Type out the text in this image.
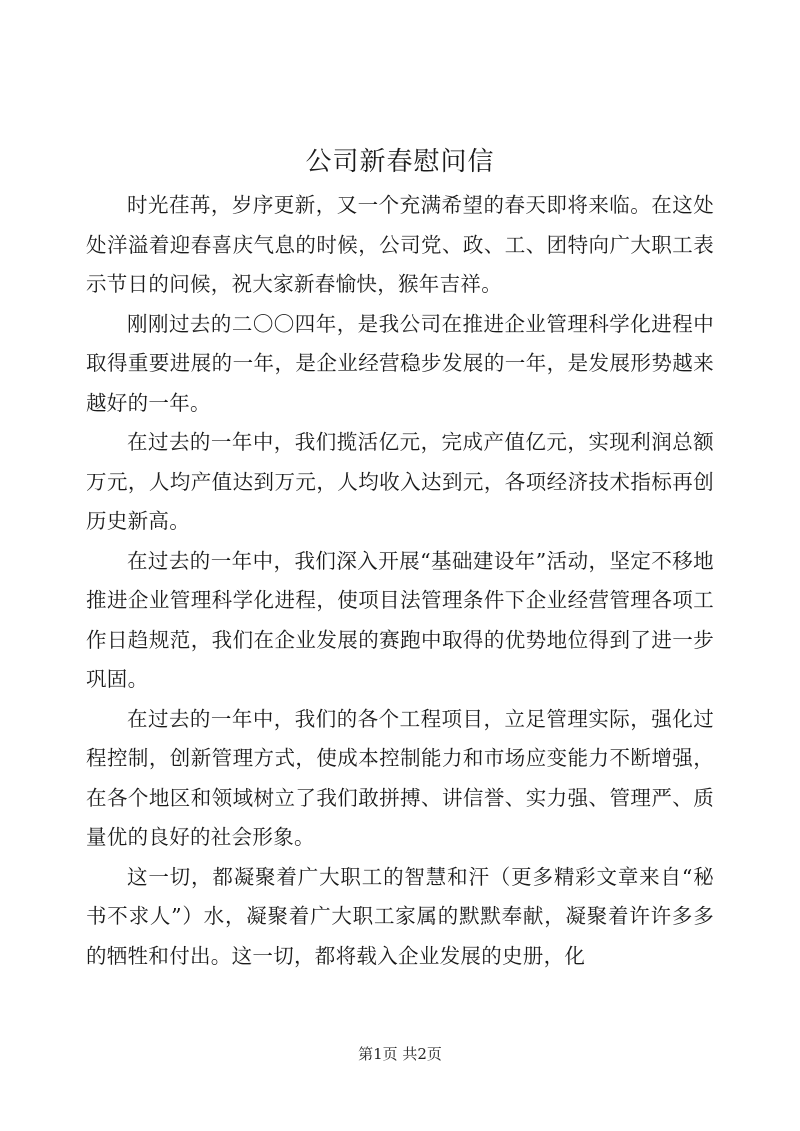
公司新春慰问信

时光荏苒，岁序更新，又一个充满希望的春天即将来临。在这处处洋溢着迎春喜庆气息的时候，公司党、政、工、团特向广大职工表示节日的问候，祝大家新春愉快，猴年吉祥。

刚刚过去的二〇〇四年，是我公司在推进企业管理科学化进程中取得重要进展的一年，是企业经营稳步发展的一年，是发展形势越来越好的一年。

在过去的一年中，我们揽活亿元，完成产值亿元，实现利润总额万元，人均产值达到万元，人均收入达到元，各项经济技术指标再创历史新高。

在过去的一年中，我们深入开展“基础建设年”活动，坚定不移地推进企业管理科学化进程，使项目法管理条件下企业经营管理各项工作日趋规范，我们在企业发展的赛跑中取得的优势地位得到了进一步巩固。

在过去的一年中，我们的各个工程项目，立足管理实际，强化过程控制，创新管理方式，使成本控制能力和市场应变能力不断增强，在各个地区和领域树立了我们敢拼搏、讲信誉、实力强、管理严、质量优的良好的社会形象。

这一切，都凝聚着广大职工的智慧和汗（更多精彩文章来自“秘书不求人”）水，凝聚着广大职工家属的默默奉献，凝聚着许许多多的牺牲和付出。这一切，都将载入企业发展的史册，化

第1页 共2页
